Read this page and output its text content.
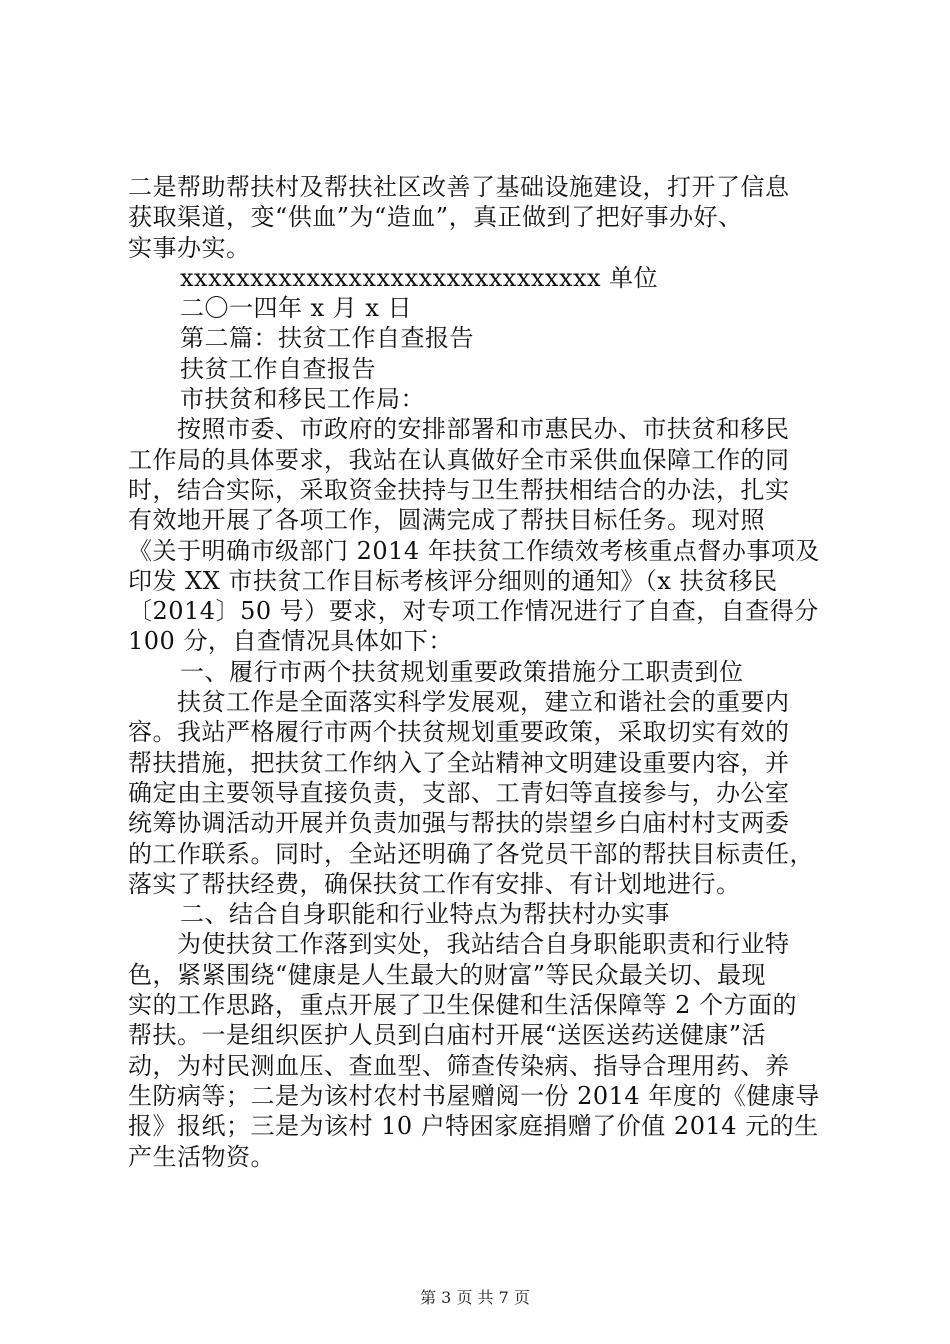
二是帮助帮扶村及帮扶社区改善了基础设施建设，打开了信息
获取渠道，变“供血”为“造血”，真正做到了把好事办好、
实事办实。
xxxxxxxxxxxxxxxxxxxxxxxxxxxxxx 单位
二〇一四年 x 月 x 日
第二篇：扶贫工作自查报告
扶贫工作自查报告
市扶贫和移民工作局：
　　按照市委、市政府的安排部署和市惠民办、市扶贫和移民
工作局的具体要求，我站在认真做好全市采供血保障工作的同
时，结合实际，采取资金扶持与卫生帮扶相结合的办法，扎实
有效地开展了各项工作，圆满完成了帮扶目标任务。现对照
《关于明确市级部门 2014 年扶贫工作绩效考核重点督办事项及
印发 XX 市扶贫工作目标考核评分细则的通知》（x 扶贫移民
〔2014〕50 号）要求，对专项工作情况进行了自查，自查得分
100 分，自查情况具体如下：
一、履行市两个扶贫规划重要政策措施分工职责到位
　　扶贫工作是全面落实科学发展观，建立和谐社会的重要内
容。我站严格履行市两个扶贫规划重要政策，采取切实有效的
帮扶措施，把扶贫工作纳入了全站精神文明建设重要内容，并
确定由主要领导直接负责，支部、工青妇等直接参与，办公室
统筹协调活动开展并负责加强与帮扶的崇望乡白庙村村支两委
的工作联系。同时，全站还明确了各党员干部的帮扶目标责任，
落实了帮扶经费，确保扶贫工作有安排、有计划地进行。
二、结合自身职能和行业特点为帮扶村办实事
　　为使扶贫工作落到实处，我站结合自身职能职责和行业特
色，紧紧围绕“健康是人生最大的财富”等民众最关切、最现
实的工作思路，重点开展了卫生保健和生活保障等 2 个方面的
帮扶。一是组织医护人员到白庙村开展“送医送药送健康”活
动，为村民测血压、查血型、筛查传染病、指导合理用药、养
生防病等；二是为该村农村书屋赠阅一份 2014 年度的《健康导
报》报纸；三是为该村 10 户特困家庭捐赠了价值 2014 元的生
产生活物资。
第 3 页 共 7 页
